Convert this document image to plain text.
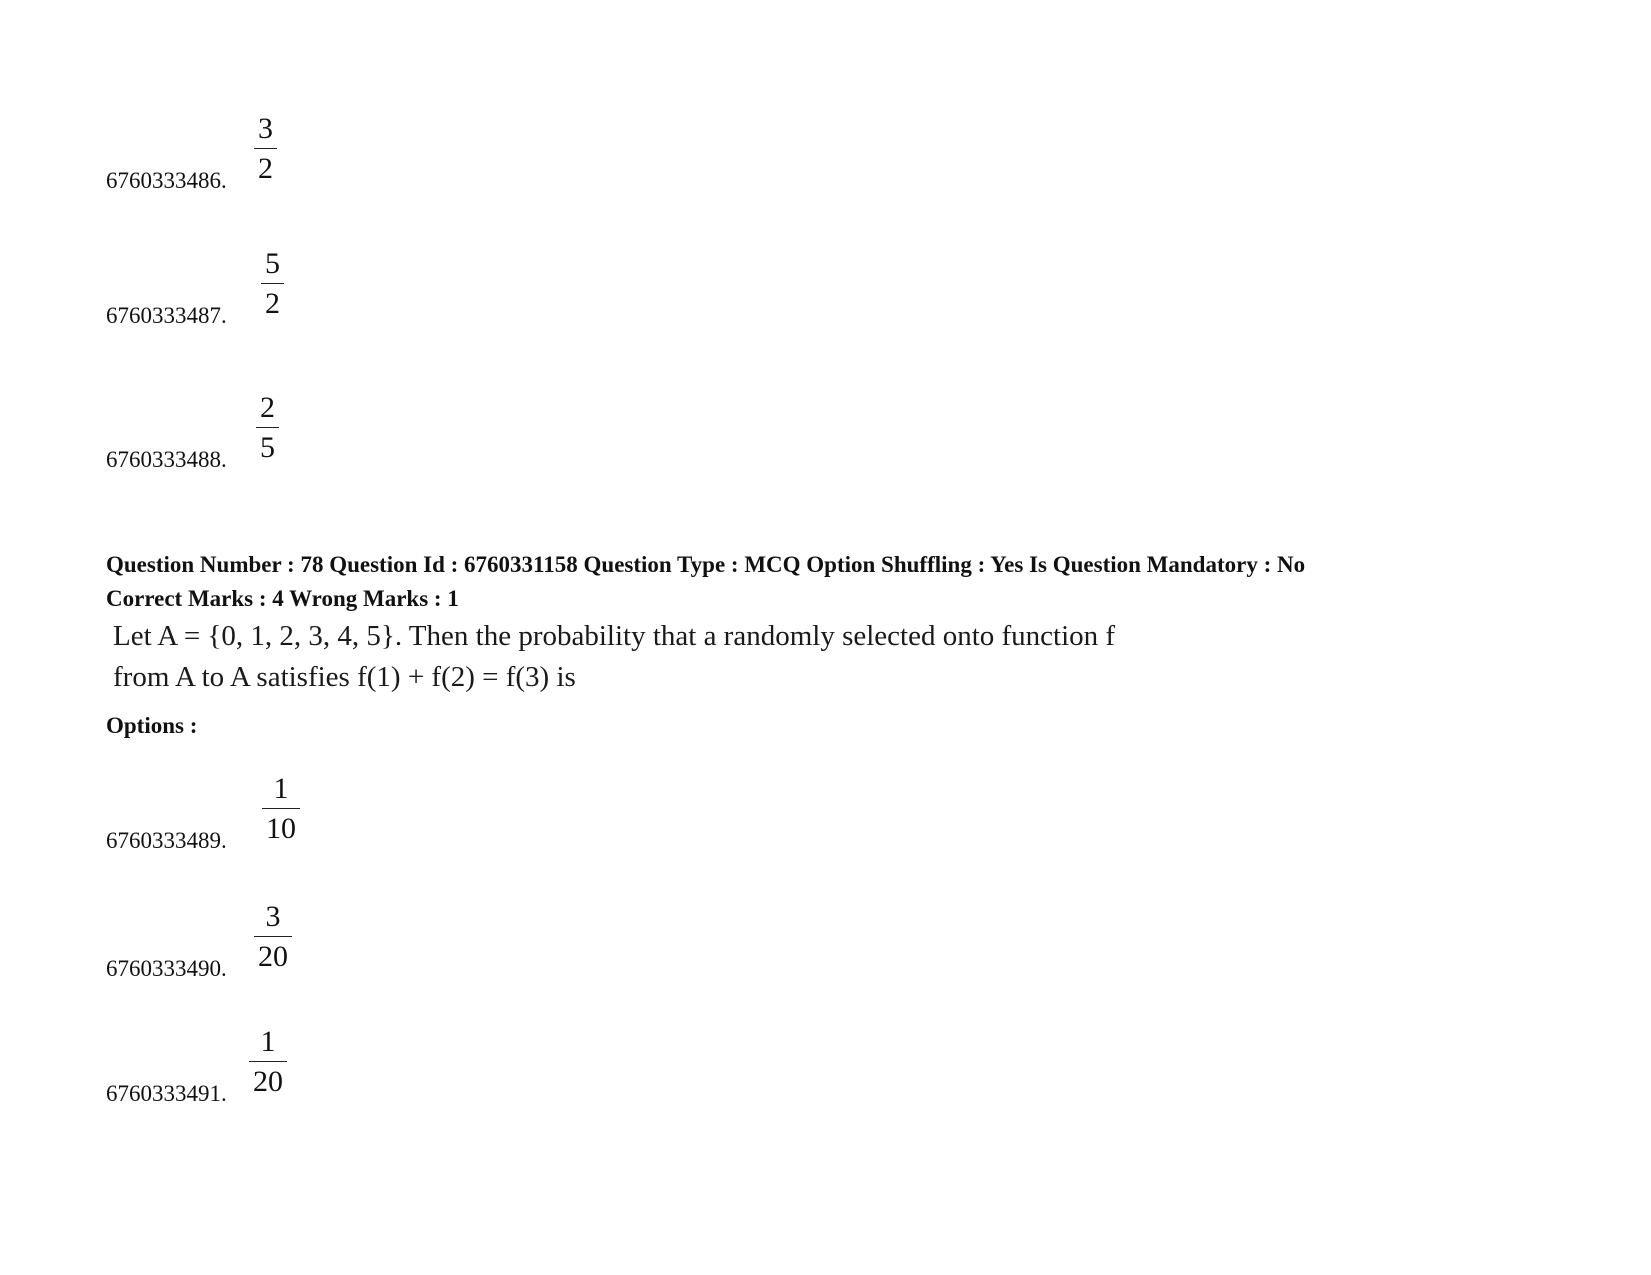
6760333486.
3
2
6760333487.
5
2
6760333488.
2
5
Question Number : 78 Question Id : 6760331158 Question Type : MCQ Option Shuffling : Yes Is Question Mandatory : No
Correct Marks : 4 Wrong Marks : 1
Let A = {0, 1, 2, 3, 4, 5}. Then the probability that a randomly selected onto function f
from A to A satisfies f(1) + f(2) = f(3) is
Options :
6760333489.
1
10
6760333490.
3
20
6760333491.
1
20
